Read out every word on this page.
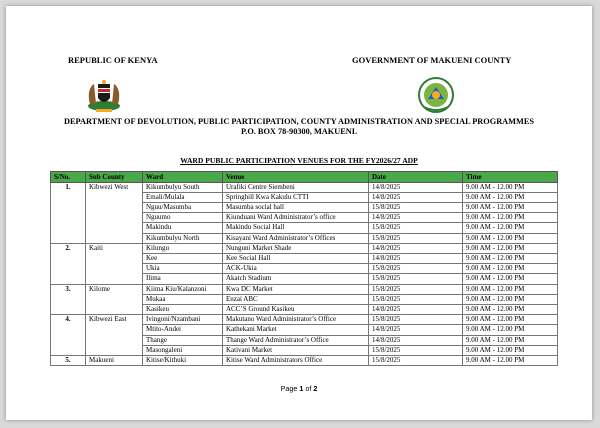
REPUBLIC OF KENYA	GOVERNMENT OF MAKUENI COUNTY
DEPARTMENT OF DEVOLUTION, PUBLIC PARTICIPATION, COUNTY ADMINISTRATION AND SPECIAL PROGRAMMES
P.O. BOX 78-90300, MAKUENI.
WARD PUBLIC PARTICIPATION VENUES FOR THE FY2026/27 ADP
S/No.	Sub County	Ward	Venue	Date	Time
1.	Kibwezi West	Kikumbulyu South	Urafiki Centre Siembeni	14/8/2025	9.00 AM - 12.00 PM
		Emali/Mulala	Springhill Kwa Kakulu CTTI	14/8/2025	9.00 AM - 12.00 PM
		Nguu/Masumba	Masumba social hall	15/8/2025	9.00 AM - 12.00 PM
		Nguumo	Kiunduani Ward Administrator’s office	14/8/2025	9.00 AM - 12.00 PM
		Makindu	Makindu Social Hall	15/8/2025	9.00 AM - 12.00 PM
		Kikumbulyu North	Kisayani Ward Administrator’s Offices	15/8/2025	9.00 AM - 12.00 PM
2.	Kaiti	Kilungu	Nunguni Market Shade	14/8/2025	9.00 AM - 12.00 PM
		Kee	Kee Social Hall	14/8/2025	9.00 AM - 12.00 PM
		Ukia	ACK-Ukia	15/8/2025	9.00 AM - 12.00 PM
		Ilima	Akatch Stadium	15/8/2025	9.00 AM - 12.00 PM
3.	Kilome	Kiima Kiu/Kalanzoni	Kwa DC Market	15/8/2025	9.00 AM - 12.00 PM
		Mukaa	Enzai ABC	15/8/2025	9.00 AM - 12.00 PM
		Kasikeu	ACC’S Ground Kasikeu	14/8/2025	9.00 AM - 12.00 PM
4.	Kibwezi East	Ivingoni/Nzambani	Makutano Ward Administrator’s Office	15/8/2025	9.00 AM - 12.00 PM
		Mtito-Andei	Kathekani Market	14/8/2025	9.00 AM - 12.00 PM
		Thange	Thange Ward Administrator’s Office	14/8/2025	9.00 AM - 12.00 PM
		Masongaleni	Kativani Market	15/8/2025	9.00 AM - 12.00 PM
5.	Makueni	Kitise/Kithuki	Kitise Ward Administrators Office	15/8/2025	9.00 AM - 12.00 PM
Page 1 of 2
